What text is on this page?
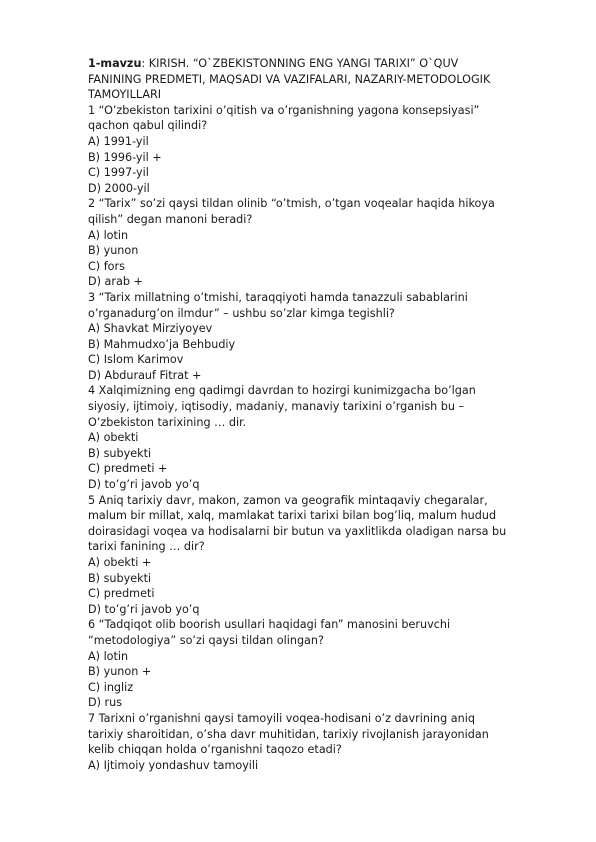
1-mavzu: KIRISH. “O`ZBEKISTONNING ENG YANGI TARIXI” O`QUV FANINING PREDMETI, MAQSADI VA VAZIFALARI, NAZARIY-METODOLOGIK TAMOYILLARI

1 “O’zbekiston tarixini o’qitish va o’rganishning yagona konsepsiyasi”
qachon qabul qilindi?
A) 1991-yil
B) 1996-yil +
C) 1997-yil
D) 2000-yil
2 “Tarix” so’zi qaysi tildan olinib “o’tmish, o’tgan voqealar haqida hikoya
qilish” degan manoni beradi?
A) lotin
B) yunon
C) fors
D) arab +
3 “Tarix millatning o’tmishi, taraqqiyoti hamda tanazzuli sabablarini
o’rganadurg’on ilmdur” – ushbu so’zlar kimga tegishli?
A) Shavkat Mirziyoyev
B) Mahmudxo’ja Behbudiy
C) Islom Karimov
D) Abdurauf Fitrat +
4 Xalqimizning eng qadimgi davrdan to hozirgi kunimizgacha bo’lgan
siyosiy, ijtimoiy, iqtisodiy, madaniy, manaviy tarixini o’rganish bu –
O’zbekiston tarixining … dir.
A) obekti
B) subyekti
C) predmeti +
D) to’g’ri javob yo’q
5 Aniq tarixiy davr, makon, zamon va geografik mintaqaviy chegaralar,
malum bir millat, xalq, mamlakat tarixi tarixi bilan bog’liq, malum hudud
doirasidagi voqea va hodisalarni bir butun va yaxlitlikda oladigan narsa bu
tarixi fanining … dir?
A) obekti +
B) subyekti
C) predmeti
D) to’g’ri javob yo’q
6 “Tadqiqot olib boorish usullari haqidagi fan” manosini beruvchi
“metodologiya” so’zi qaysi tildan olingan?
A) lotin
B) yunon +
C) ingliz
D) rus
7 Tarixni o’rganishni qaysi tamoyili voqea-hodisani o’z davrining aniq
tarixiy sharoitidan, o’sha davr muhitidan, tarixiy rivojlanish jarayonidan
kelib chiqqan holda o’rganishni taqozo etadi?
A) Ijtimoiy yondashuv tamoyili
